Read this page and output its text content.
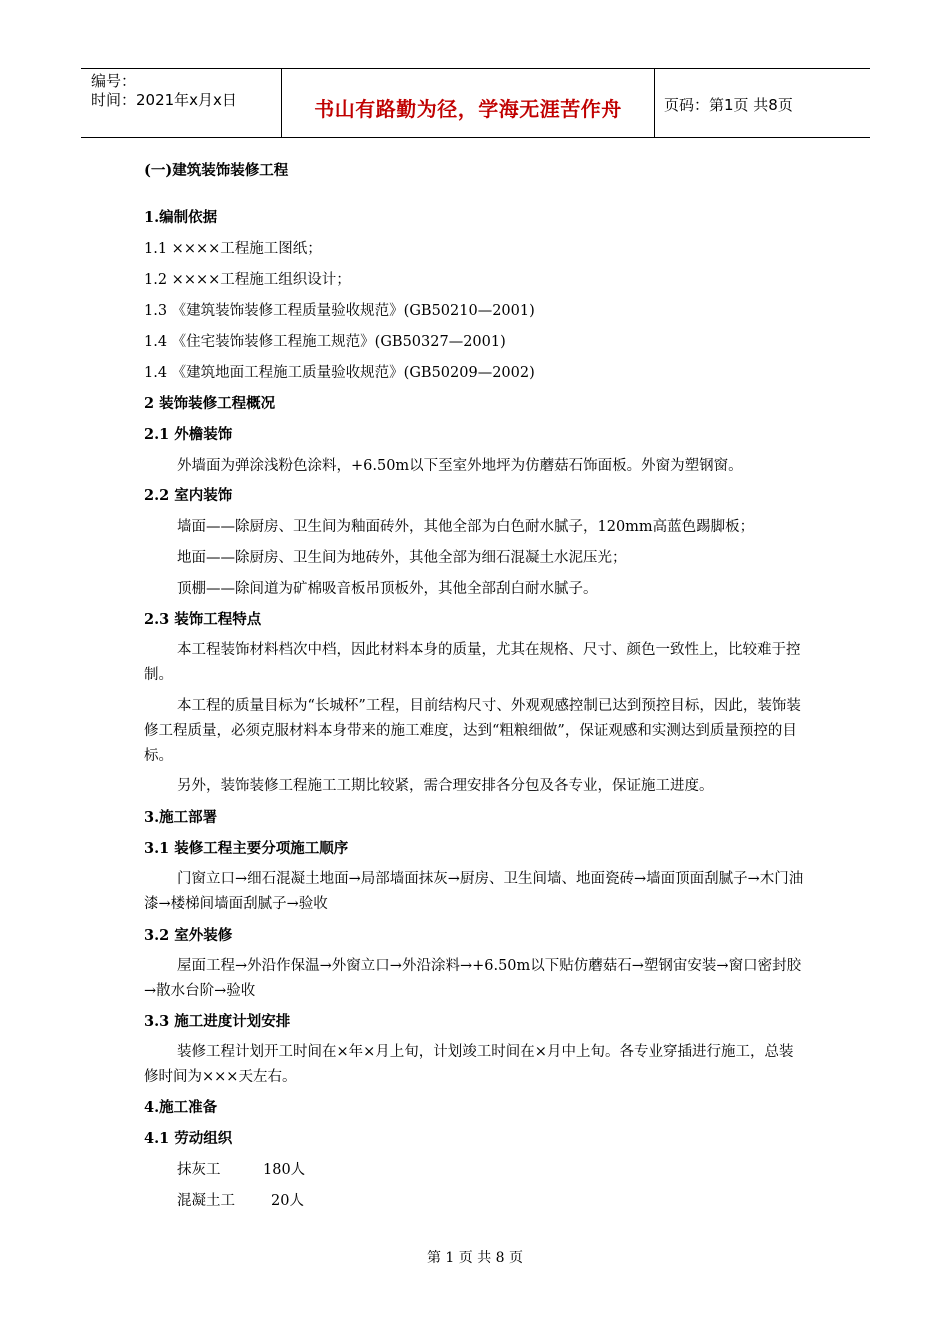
编号：
时间：2021年x月x日	书山有路勤为径，学海无涯苦作舟	页码：第1页 共8页
(一)建筑装饰装修工程
1.编制依据
1.1 ××××工程施工图纸；
1.2 ××××工程施工组织设计；
1.3 《建筑装饰装修工程质量验收规范》(GB50210—2001)
1.4 《住宅装饰装修工程施工规范》(GB50327—2001)
1.4 《建筑地面工程施工质量验收规范》(GB50209—2002)
2 装饰装修工程概况
2.1 外檐装饰
外墙面为弹涂浅粉色涂料，+6.50m以下至室外地坪为仿蘑菇石饰面板。外窗为塑钢窗。
2.2 室内装饰
墙面——除厨房、卫生间为釉面砖外，其他全部为白色耐水腻子，120mm高蓝色踢脚板；
地面——除厨房、卫生间为地砖外，其他全部为细石混凝土水泥压光；
顶棚——除间道为矿棉吸音板吊顶板外，其他全部刮白耐水腻子。
2.3 装饰工程特点
本工程装饰材料档次中档，因此材料本身的质量，尤其在规格、尺寸、颜色一致性上，比较难于控制。
本工程的质量目标为“长城杯”工程，目前结构尺寸、外观观感控制已达到预控目标，因此，装饰装修工程质量，必须克服材料本身带来的施工难度，达到“粗粮细做”，保证观感和实测达到质量预控的目标。
另外，装饰装修工程施工工期比较紧，需合理安排各分包及各专业，保证施工进度。
3.施工部署
3.1 装修工程主要分项施工顺序
门窗立口→细石混凝土地面→局部墙面抹灰→厨房、卫生间墙、地面瓷砖→墙面顶面刮腻子→木门油漆→楼梯间墙面刮腻子→验收
3.2 室外装修
屋面工程→外沿作保温→外窗立口→外沿涂料→+6.50m以下贴仿蘑菇石→塑钢宙安装→窗口密封胶→散水台阶→验收
3.3 施工进度计划安排
装修工程计划开工时间在×年×月上旬，计划竣工时间在×月中上旬。各专业穿插进行施工，总装修时间为×××天左右。
4.施工准备
4.1 劳动组织
抹灰工	180人
混凝土工 20人
第 1 页 共 8 页
